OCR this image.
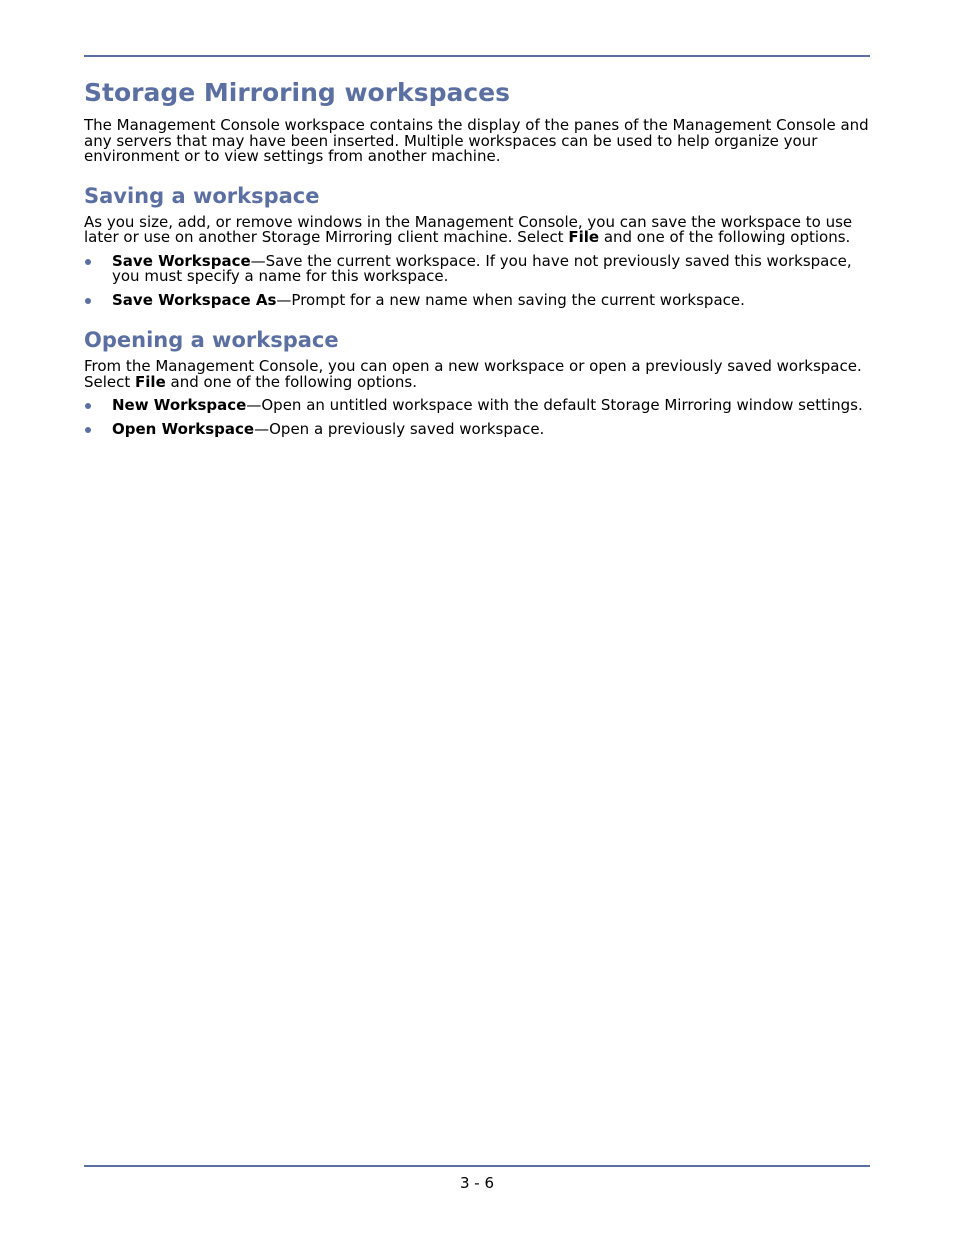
Storage Mirroring workspaces

The Management Console workspace contains the display of the panes of the Management Console and any servers that may have been inserted. Multiple workspaces can be used to help organize your environment or to view settings from another machine.

Saving a workspace

As you size, add, or remove windows in the Management Console, you can save the workspace to use later or use on another Storage Mirroring client machine. Select File and one of the following options.

Save Workspace—Save the current workspace. If you have not previously saved this workspace, you must specify a name for this workspace.
Save Workspace As—Prompt for a new name when saving the current workspace.
Opening a workspace

From the Management Console, you can open a new workspace or open a previously saved workspace. Select File and one of the following options.

New Workspace—Open an untitled workspace with the default Storage Mirroring window settings.
Open Workspace—Open a previously saved workspace.
3 - 6
